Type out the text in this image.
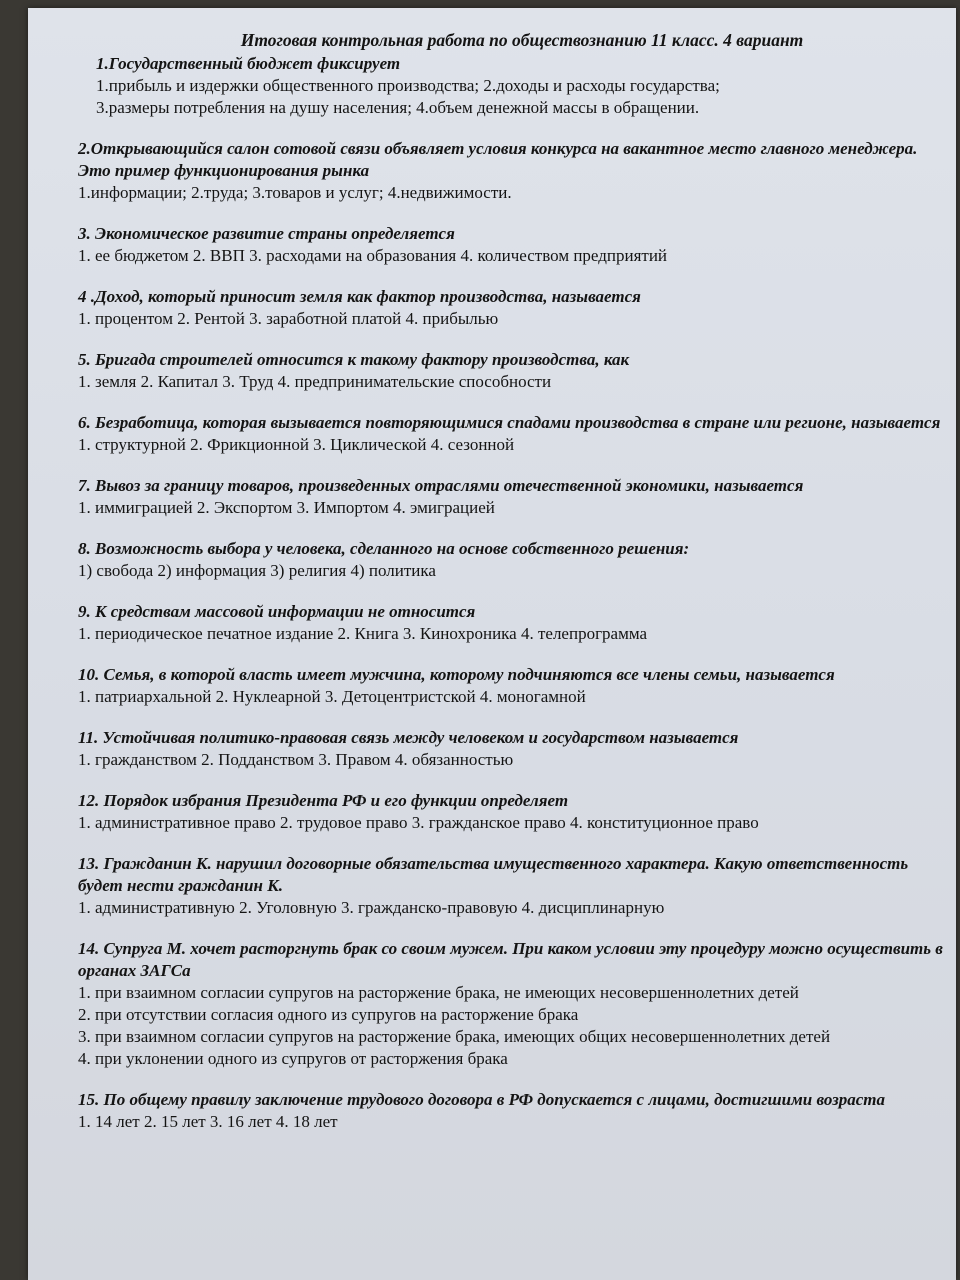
Итоговая контрольная работа по обществознанию 11 класс. 4 вариант
1.Государственный бюджет фиксирует
1.прибыль и издержки общественного производства; 2.доходы и расходы государства;
3.размеры потребления на душу населения; 4.объем денежной массы в обращении.
2.Открывающийся салон сотовой связи объявляет условия конкурса на вакантное место главного менеджера. Это пример функционирования рынка
1.информации; 2.труда; 3.товаров и услуг; 4.недвижимости.
3. Экономическое развитие страны определяется
1. ее бюджетом 2. ВВП 3. расходами на образования 4. количеством предприятий
4 .Доход, который приносит земля как фактор производства, называется
1. процентом 2. Рентой 3. заработной платой 4. прибылью
5. Бригада строителей относится к такому фактору производства, как
1. земля 2. Капитал 3. Труд 4. предпринимательские способности
6. Безработица, которая вызывается повторяющимися спадами производства в стране или регионе, называется
1. структурной 2. Фрикционной 3. Циклической 4. сезонной
7. Вывоз за границу товаров, произведенных отраслями отечественной экономики, называется
1. иммиграцией 2. Экспортом 3. Импортом 4. эмиграцией
8. Возможность выбора у человека, сделанного на основе собственного решения:
1) свобода 2) информация 3) религия 4) политика
9. К средствам массовой информации не относится
1. периодическое печатное издание 2. Книга 3. Кинохроника 4. телепрограмма
10. Семья, в которой власть имеет мужчина, которому подчиняются все члены семьи, называется
1. патриархальной 2. Нуклеарной 3. Детоцентристской 4. моногамной
11. Устойчивая политико-правовая связь между человеком и государством называется
1. гражданством 2. Подданством 3. Правом 4. обязанностью
12. Порядок избрания Президента РФ и его функции определяет
1. административное право 2. трудовое право 3. гражданское право 4. конституционное право
13. Гражданин К. нарушил договорные обязательства имущественного характера. Какую ответственность будет нести гражданин К.
1. административную 2. Уголовную 3. гражданско-правовую 4. дисциплинарную
14. Супруга М. хочет расторгнуть брак со своим мужем. При каком условии эту процедуру можно осуществить в органах ЗАГСа
1. при взаимном согласии супругов на расторжение брака, не имеющих несовершеннолетних детей
2. при отсутствии согласия одного из супругов на расторжение брака
3. при взаимном согласии супругов на расторжение брака, имеющих общих несовершеннолетних детей
4. при уклонении одного из супругов от расторжения брака
15. По общему правилу заключение трудового договора в РФ допускается с лицами, достигшими возраста
1. 14 лет 2. 15 лет 3. 16 лет 4. 18 лет
